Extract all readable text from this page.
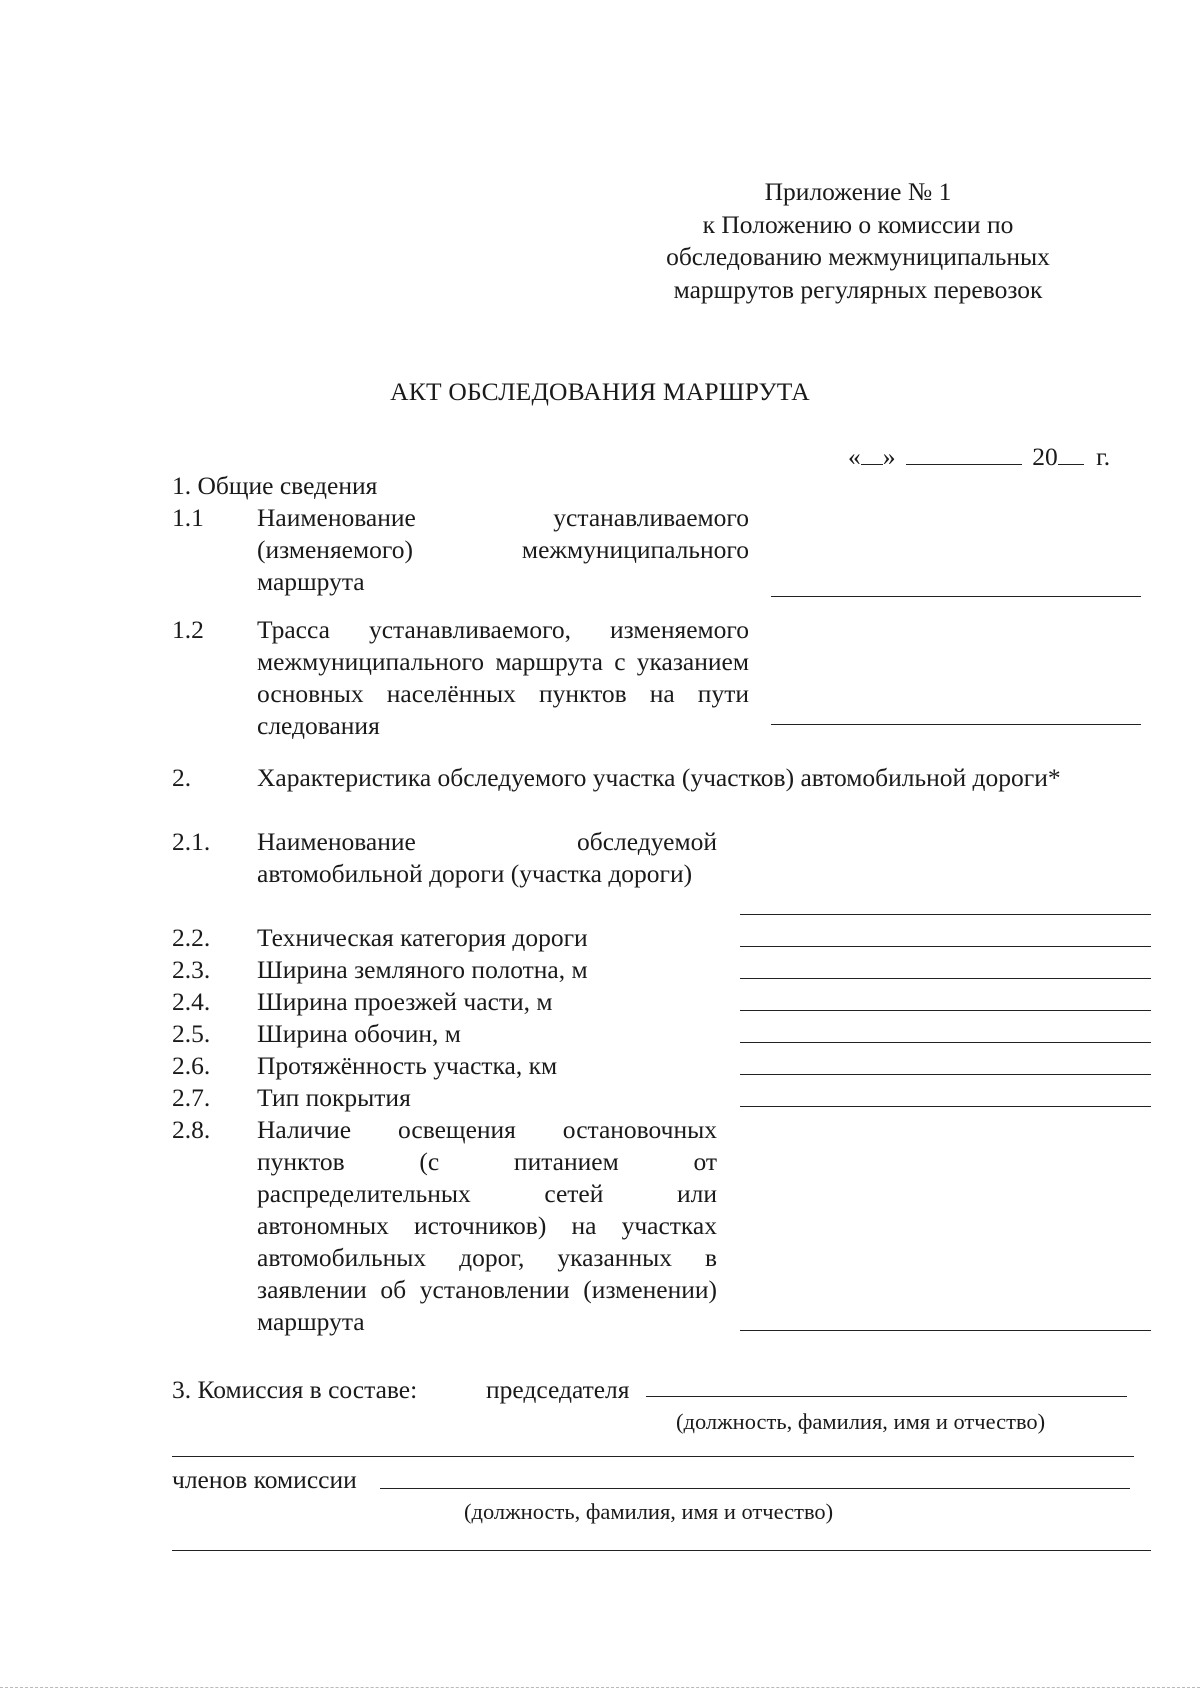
Приложение № 1
к Положению о комиссии по
обследованию межмуниципальных
маршрутов регулярных перевозок
АКТ ОБСЛЕДОВАНИЯ МАРШРУТА
« »	20 г.
1. Общие сведения
1.1 Наименование устанавливаемого (изменяемого) межмуниципального маршрута
1.2 Трасса устанавливаемого, изменяемого межмуниципального маршрута с указанием основных населённых пунктов на пути следования
2.	Характеристика обследуемого участка (участков) автомобильной дороги*
2.1. Наименование обследуемой автомобильной дороги (участка дороги)
2.2. Техническая категория дороги
2.3. Ширина земляного полотна, м
2.4. Ширина проезжей части, м
2.5. Ширина обочин, м
2.6. Протяжённость участка, км
2.7. Тип покрытия
2.8. Наличие освещения остановочных пунктов (с питанием от распределительных сетей или автономных источников) на участках автомобильных дорог, указанных в заявлении об установлении (изменении) маршрута
3. Комиссия в составе:	председателя
(должность, фамилия, имя и отчество)
членов комиссии
(должность, фамилия, имя и отчество)
